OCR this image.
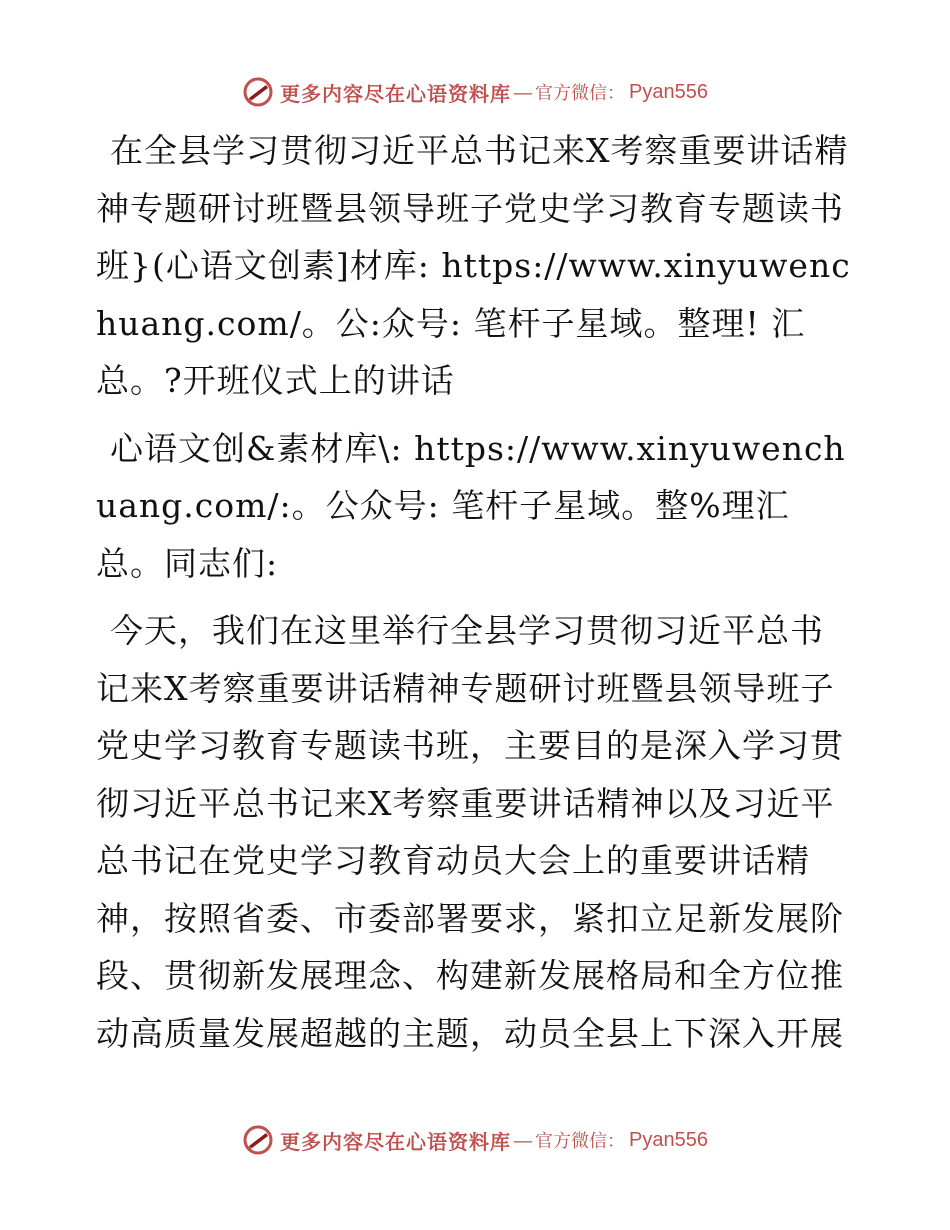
更多内容尽在心语资料库 — 官方微信 ： Pyan556

在全县学习贯彻习近平总书记来X考察重要讲话精神专题研讨班暨县领导班子党史学习教育专题读书班}(心语文创素]材库: https://www.xinyuwenchuang.com/。公:众号: 笔杆子星域。整理! 汇总。?开班仪式上的讲话

心语文创&素材库\: https://www.xinyuwenchuang.com/:。公众号: 笔杆子星域。整%理汇总。同志们:

今天，我们在这里举行全县学习贯彻习近平总书记来X考察重要讲话精神专题研讨班暨县领导班子党史学习教育专题读书班，主要目的是深入学习贯彻习近平总书记来X考察重要讲话精神以及习近平总书记在党史学习教育动员大会上的重要讲话精神，按照省委、市委部署要求，紧扣立足新发展阶段、贯彻新发展理念、构建新发展格局和全方位推动高质量发展超越的主题，动员全县上下深入开展

更多内容尽在心语资料库 — 官方微信 ： Pyan556
